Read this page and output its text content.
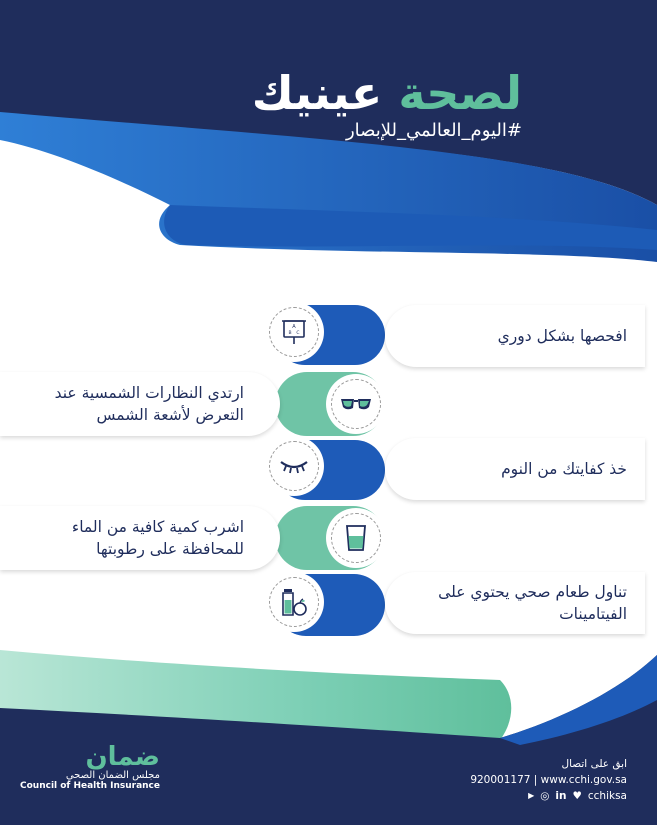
لصحة عينيك
#اليوم_العالمي_للإبصار
افحصها بشكل دوري
A
B C
ارتدي النظارات الشمسية عند التعرض لأشعة الشمس
خذ كفايتك من النوم
اشرب كمية كافية من الماء للمحافظة على رطوبتها
تناول طعام صحي يحتوي على الفيتامينات
ضمان
مجلس الضمان الصحي
Council of Health Insurance
ابق على اتصال
920001177 | www.cchi.gov.sa
▶ ◎ in ♥ cchiksa
